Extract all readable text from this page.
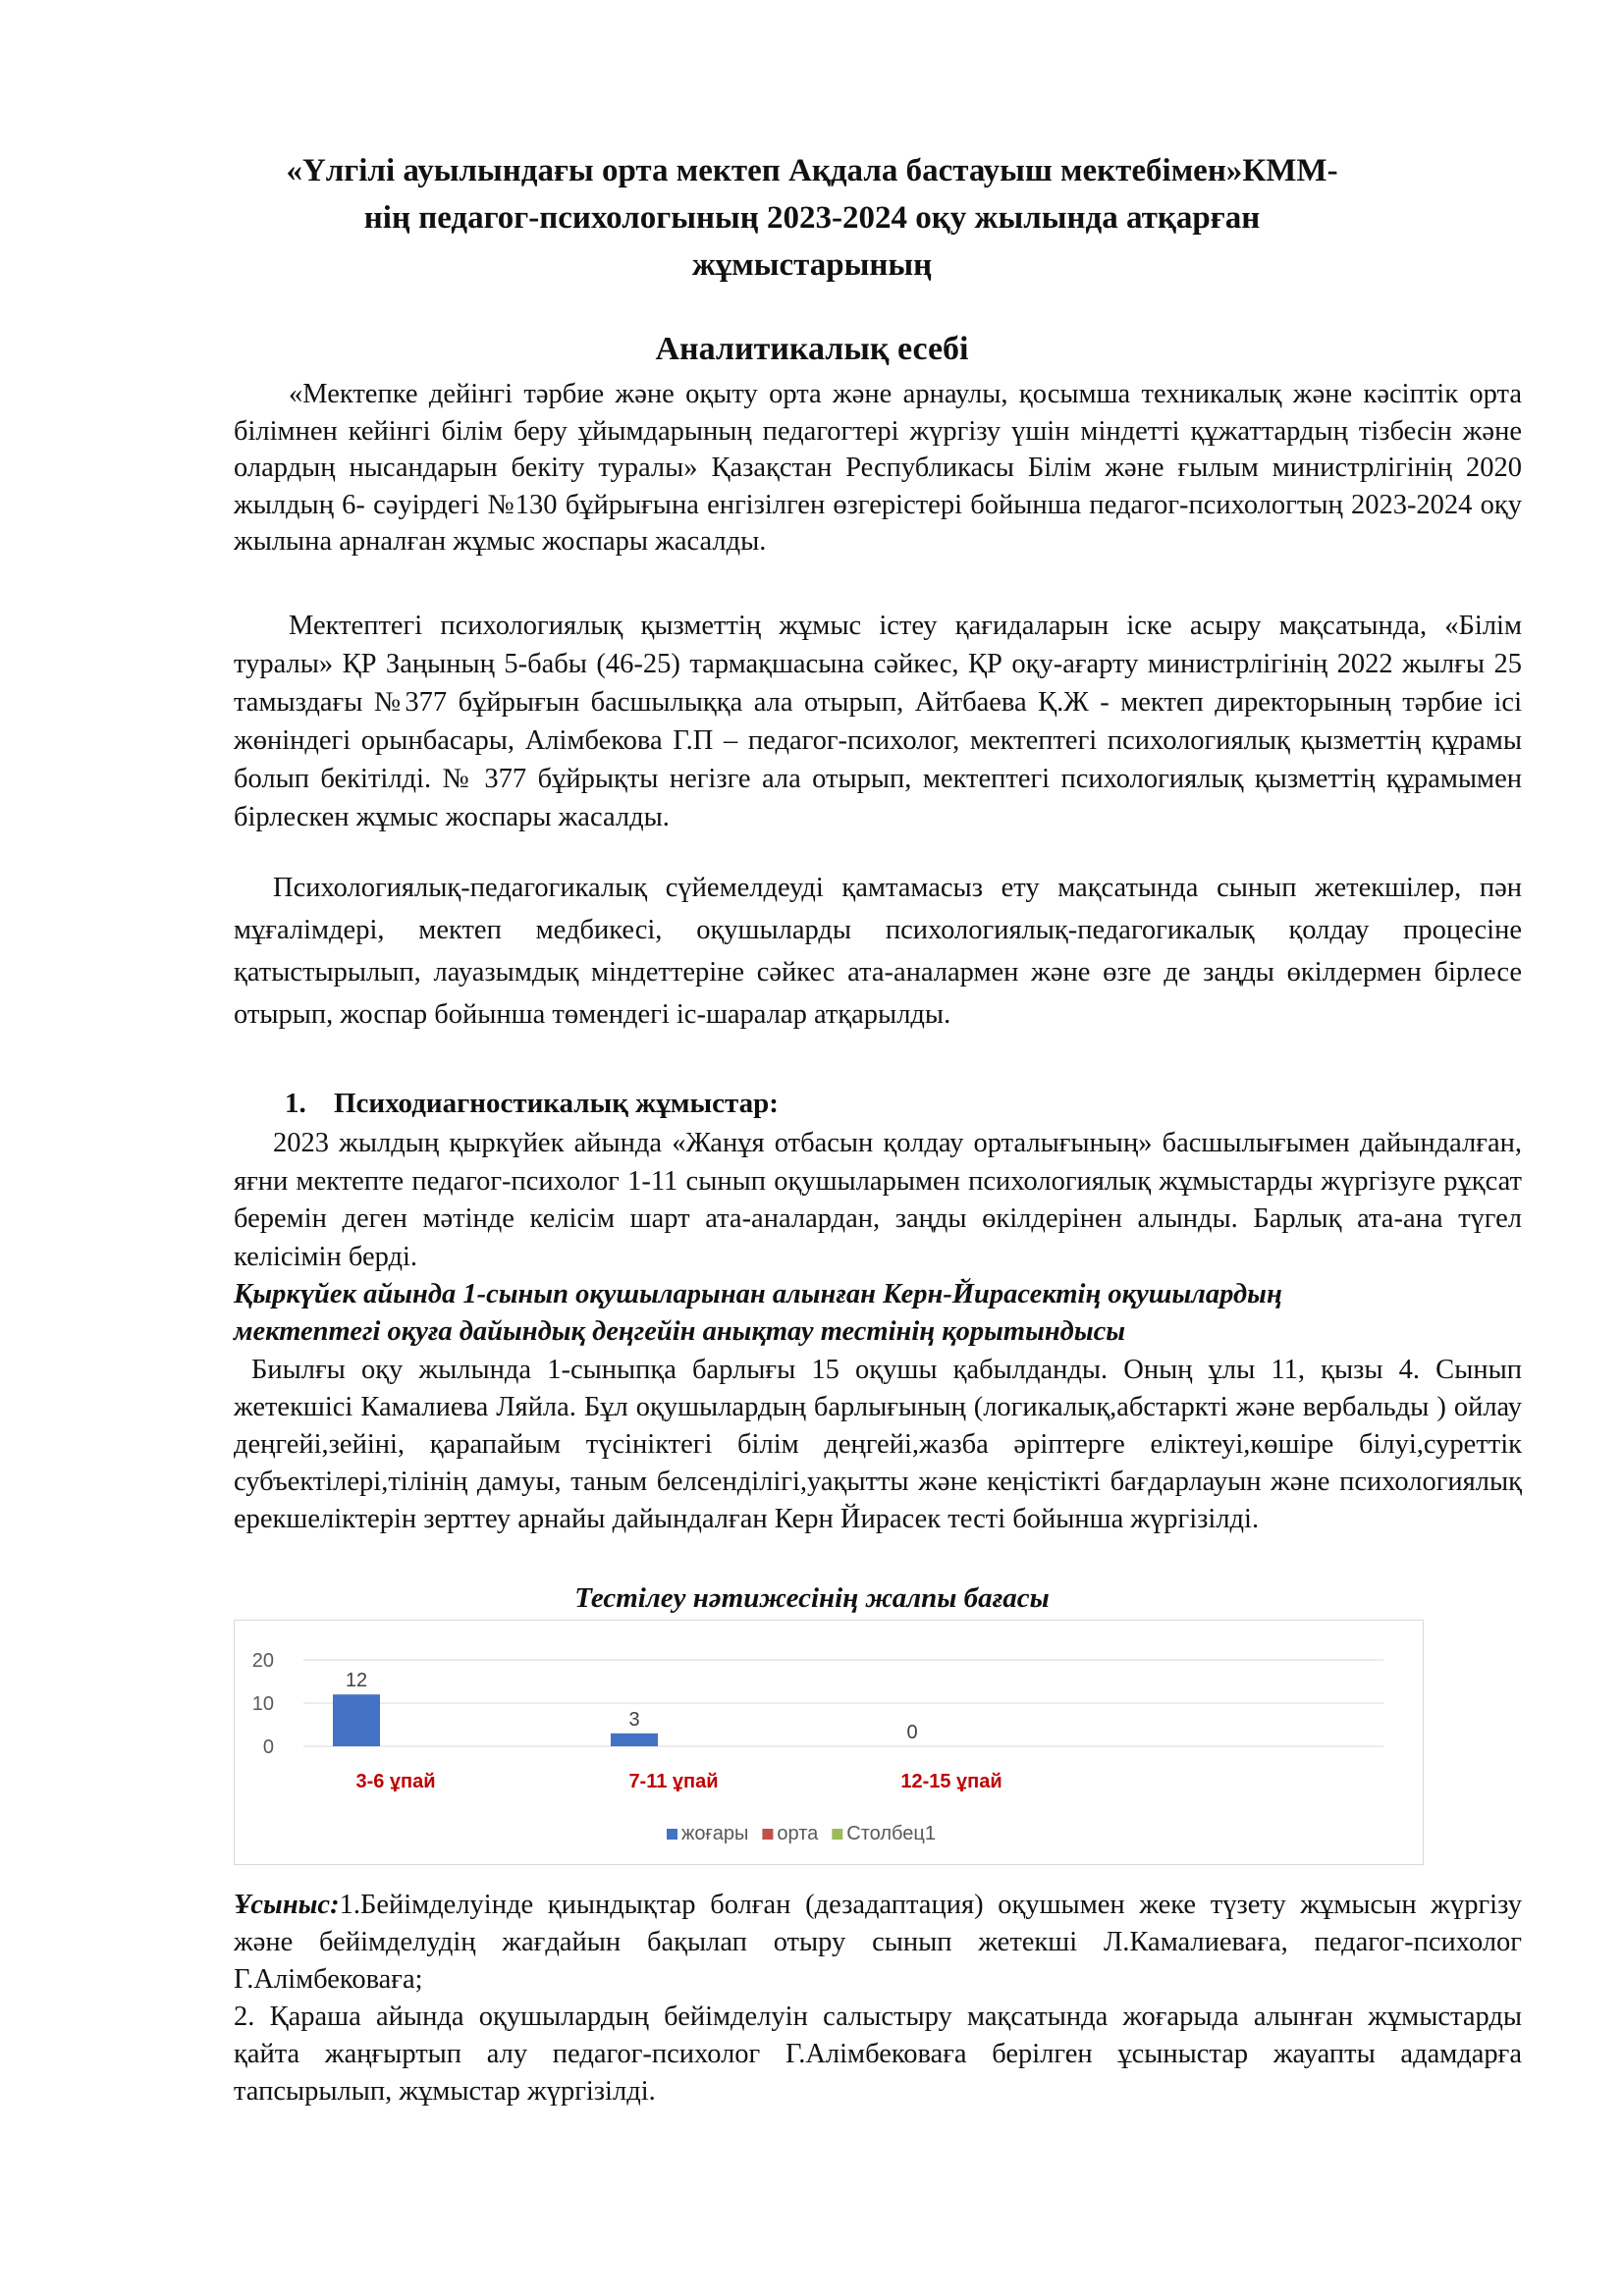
«Үлгілі ауылындағы орта мектеп Ақдала бастауыш мектебімен»КММ-
нің педагог-психологының 2023-2024 оқу жылында атқарған
жұмыстарының
Аналитикалық есебі

«Мектепке дейінгі тәрбие және оқыту орта және арнаулы, қосымша техникалық және кәсіптік орта білімнен кейінгі білім беру ұйымдарының педагогтері жүргізу үшін міндетті құжаттардың тізбесін және олардың нысандарын бекіту туралы» Қазақстан Республикасы Білім және ғылым министрлігінің 2020 жылдың 6- сәуірдегі №130 бұйрығына енгізілген өзгерістері бойынша педагог-психологтың 2023-2024 оқу жылына арналған жұмыс жоспары жасалды.

Мектептегі психологиялық қызметтің жұмыс істеу қағидаларын іске асыру мақсатында, «Білім туралы» ҚР Заңының 5-бабы (46-25) тармақшасына сәйкес, ҚР оқу-ағарту министрлігінің 2022 жылғы 25 тамыздағы №377 бұйрығын басшылыққа ала отырып, Айтбаева Қ.Ж - мектеп директорының тәрбие ісі жөніндегі орынбасары, Алімбекова Г.П – педагог-психолог, мектептегі психологиялық қызметтің құрамы болып бекітілді. № 377 бұйрықты негізге ала отырып, мектептегі психологиялық қызметтің құрамымен бірлескен жұмыс жоспары жасалды.

Психологиялық-педагогикалық сүйемелдеуді қамтамасыз ету мақсатында сынып жетекшілер, пән мұғалімдері, мектеп медбикесі, оқушыларды психологиялық-педагогикалық қолдау процесіне қатыстырылып, лауазымдық міндеттеріне сәйкес ата-аналармен және өзге де заңды өкілдермен бірлесе отырып, жоспар бойынша төмендегі іс-шаралар атқарылды.

1. Психодиагностикалық жұмыстар:

2023 жылдың қыркүйек айында «Жанұя отбасын қолдау орталығының» басшылығымен дайындалған, яғни мектепте педагог-психолог 1-11 сынып оқушыларымен психологиялық жұмыстарды жүргізуге рұқсат беремін деген мәтінде келісім шарт ата-аналардан, заңды өкілдерінен алынды. Барлық ата-ана түгел келісімін берді.

Қыркүйек айында 1-сынып оқушыларынан алынған Керн-Йирасектің оқушылардың

мектептегі оқуға дайындық деңгейін анықтау тестінің қорытындысы

Биылғы оқу жылында 1-сыныпқа барлығы 15 оқушы қабылданды. Оның ұлы 11, қызы 4. Сынып жетекшісі Камалиева Ляйла. Бұл оқушылардың барлығының (логикалық,абстаркті және вербальды ) ойлау деңгейі,зейіні, қарапайым түсініктегі білім деңгейі,жазба әріптерге еліктеуі,көшіре білуі,суреттік субъектілері,тілінің дамуы, таным белсенділігі,уақытты және кеңістікті бағдарлауын және психологиялық ерекшеліктерін зерттеу арнайы дайындалған Керн Йирасек тесті бойынша жүргізілді.

Тестілеу нәтижесінің жалпы бағасы
0
10
20
12
3-6 ұпай
3
7-11 ұпай
0
12-15 ұпай
жоғары орта Столбец1

Ұсыныс:1.Бейімделуінде қиындықтар болған (дезадаптация) оқушымен жеке түзету жұмысын жүргізу және бейімделудің жағдайын бақылап отыру сынып жетекші Л.Камалиеваға, педагог-психолог Г.Алімбековаға;

2. Қараша айында оқушылардың бейімделуін салыстыру мақсатында жоғарыда алынған жұмыстарды қайта жаңғыртып алу педагог-психолог Г.Алімбековаға берілген ұсыныстар жауапты адамдарға тапсырылып, жұмыстар жүргізілді.
